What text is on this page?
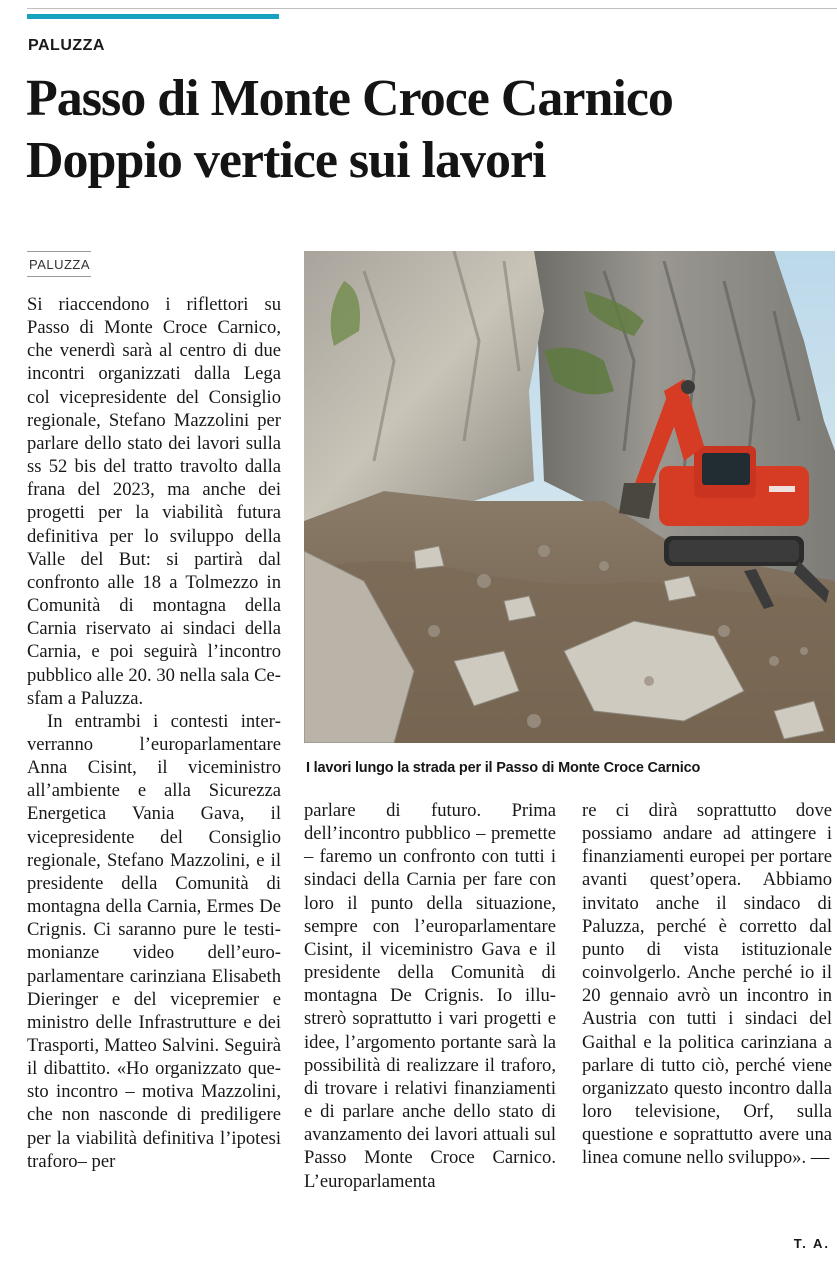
PALUZZA
Passo di Monte Croce Carnico
Doppio vertice sui lavori
PALUZZA

Si riaccendono i riflettori su Passo di Monte Croce Carnico, che venerdì sarà al centro di due incontri organizzati dalla Lega col vicepresidente del Consiglio regionale, Stefano Mazzolini per parlare dello stato dei lavori sulla ss 52 bis del tratto travolto dalla frana del 2023, ma anche dei progetti per la viabilità futura definitiva per lo sviluppo della Valle del But: si partirà dal confronto alle 18 a Tolmezzo in Comunità di montagna della Carnia riservato ai sindaci della Carnia, e poi seguirà l’incontro pubblico alle 20. 30 nella sala Cesfam a Paluzza.

In entrambi i contesti interverranno l’europarlamentare Anna Cisint, il viceministro all’ambiente e alla Sicurezza Energetica Vania Gava, il vicepresidente del Consiglio regionale, Stefano Mazzolini, e il presidente della Comunità di montagna della Carnia, Ermes De Crignis. Ci saranno pure le testimonianze video dell’europarlamentare carinziana Elisabeth Dieringer e del vicepremier e ministro delle Infrastrutture e dei Trasporti, Matteo Salvini. Seguirà il dibattito. «Ho organizzato questo incontro – motiva Mazzolini, che non nasconde di prediligere per la viabilità definitiva l’ipotesi traforo– per

I lavori lungo la strada per il Passo di Monte Croce Carnico

parlare di futuro. Prima dell’incontro pubblico – premette – faremo un confronto con tutti i sindaci della Carnia per fare con loro il punto della situazione, sempre con l’europarlamentare Cisint, il viceministro Gava e il presidente della Comunità di montagna De Crignis. Io illustrerò soprattutto i vari progetti e idee, l’argomento portante sarà la possibilità di realizzare il traforo, di trovare i relativi finanziamenti e di parlare anche dello stato di avanzamento dei lavori attuali sul Passo Monte Croce Carnico. L’europarlamenta

re ci dirà soprattutto dove possiamo andare ad attingere i finanziamenti europei per portare avanti quest’opera. Abbiamo invitato anche il sindaco di Paluzza, perché è corretto dal punto di vista istituzionale coinvolgerlo. Anche perché io il 20 gennaio avrò un incontro in Austria con tutti i sindaci del Gaithal e la politica carinziana a parlare di tutto ciò, perché viene organizzato questo incontro dalla loro televisione, Orf, sulla questione e soprattutto avere una linea comune nello sviluppo». —

T. A.
